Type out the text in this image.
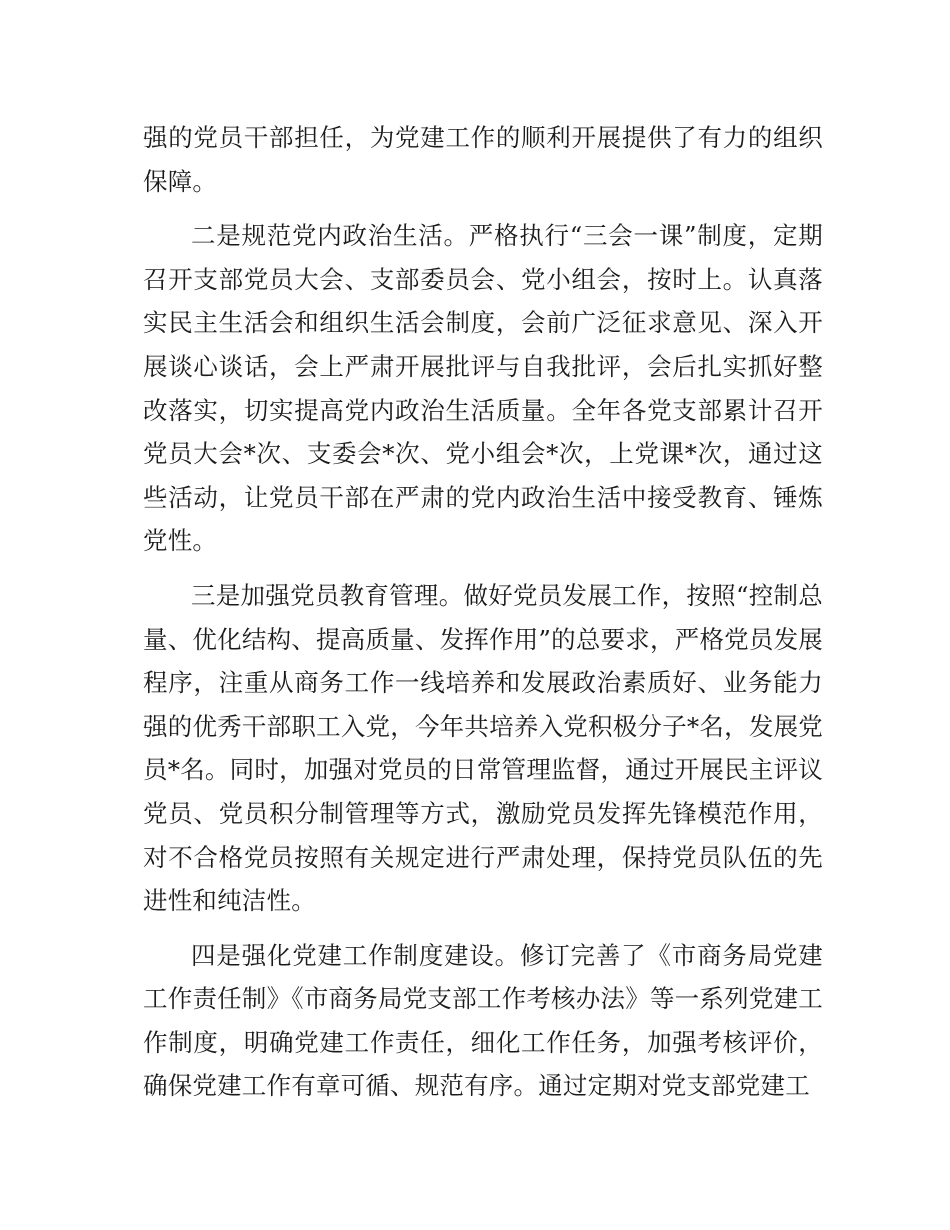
强的党员干部担任，为党建工作的顺利开展提供了有力的组织保障。

二是规范党内政治生活。严格执行“三会一课”制度，定期召开支部党员大会、支部委员会、党小组会，按时上。认真落实民主生活会和组织生活会制度，会前广泛征求意见、深入开展谈心谈话，会上严肃开展批评与自我批评，会后扎实抓好整改落实，切实提高党内政治生活质量。全年各党支部累计召开党员大会*次、支委会*次、党小组会*次，上党课*次，通过这些活动，让党员干部在严肃的党内政治生活中接受教育、锤炼党性。

三是加强党员教育管理。做好党员发展工作，按照“控制总量、优化结构、提高质量、发挥作用”的总要求，严格党员发展程序，注重从商务工作一线培养和发展政治素质好、业务能力强的优秀干部职工入党，今年共培养入党积极分子*名，发展党员*名。同时，加强对党员的日常管理监督，通过开展民主评议党员、党员积分制管理等方式，激励党员发挥先锋模范作用，对不合格党员按照有关规定进行严肃处理，保持党员队伍的先进性和纯洁性。

四是强化党建工作制度建设。修订完善了《市商务局党建工作责任制》《市商务局党支部工作考核办法》等一系列党建工作制度，明确党建工作责任，细化工作任务，加强考核评价，确保党建工作有章可循、规范有序。通过定期对党支部党建工
